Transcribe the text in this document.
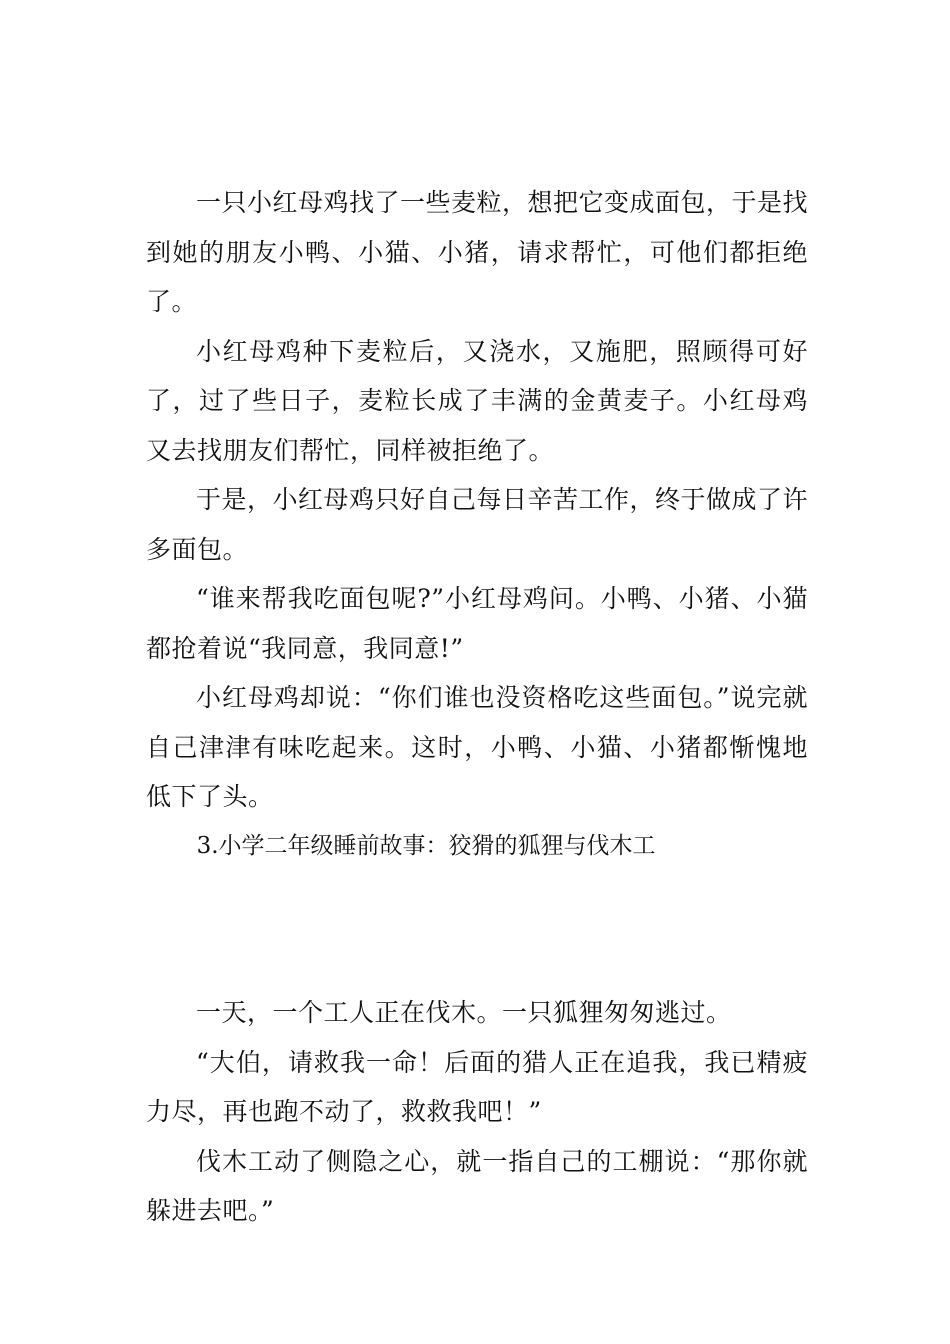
一只小红母鸡找了一些麦粒，想把它变成面包，于是找到她的朋友小鸭、小猫、小猪，请求帮忙，可他们都拒绝了。

小红母鸡种下麦粒后，又浇水，又施肥，照顾得可好了，过了些日子，麦粒长成了丰满的金黄麦子。小红母鸡又去找朋友们帮忙，同样被拒绝了。

于是，小红母鸡只好自己每日辛苦工作，终于做成了许多面包。

“谁来帮我吃面包呢?”小红母鸡问。小鸭、小猪、小猫都抢着说“我同意，我同意!”

小红母鸡却说：“你们谁也没资格吃这些面包。”说完就自己津津有味吃起来。这时，小鸭、小猫、小猪都惭愧地低下了头。

3.小学二年级睡前故事：狡猾的狐狸与伐木工

一天，一个工人正在伐木。一只狐狸匆匆逃过。

“大伯，请救我一命！后面的猎人正在追我，我已精疲力尽，再也跑不动了，救救我吧！”

伐木工动了侧隐之心，就一指自己的工棚说：“那你就躲进去吧。”
